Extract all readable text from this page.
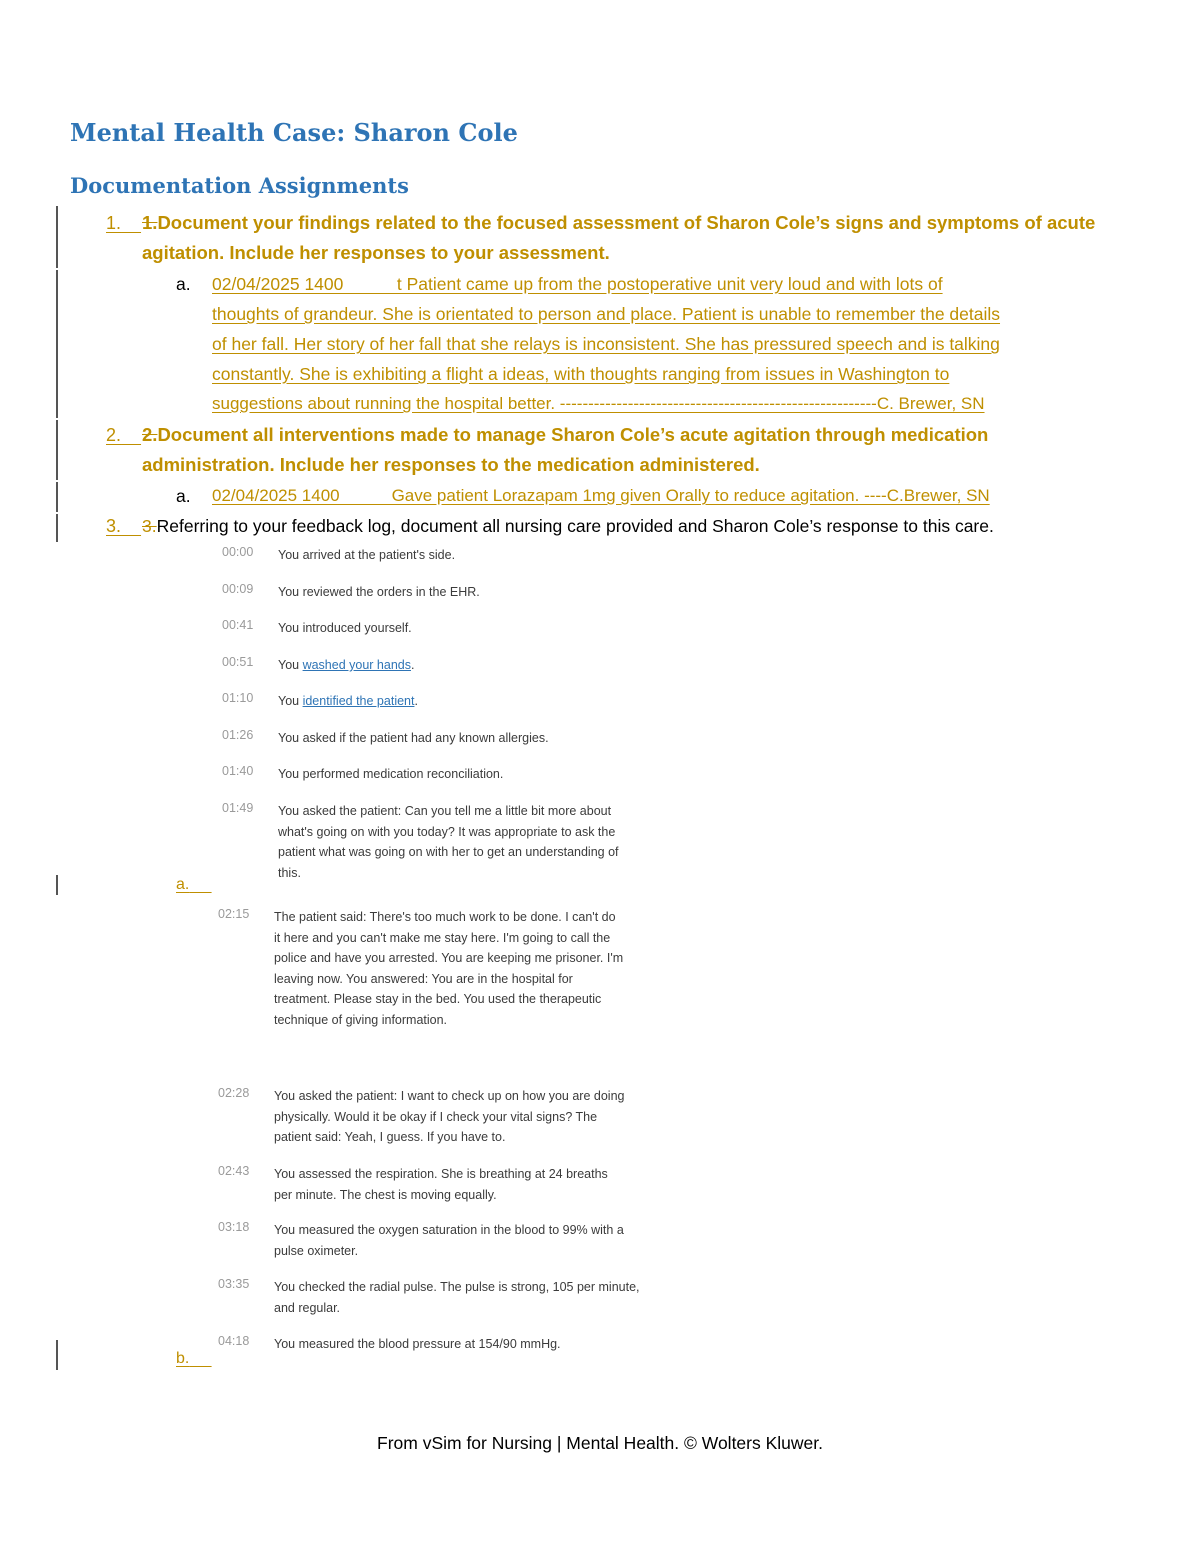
Mental Health Case: Sharon Cole
Documentation Assignments
1.	1.Document your findings related to the focused assessment of Sharon Cole’s signs and symptoms of acute
agitation. Include her responses to your assessment.
a. 02/04/2025 1400           t Patient came up from the postoperative unit very loud and with lots of
thoughts of grandeur. She is orientated to person and place. Patient is unable to remember the details
of her fall. Her story of her fall that she relays is inconsistent. She has pressured speech and is talking
constantly. She is exhibiting a flight a ideas, with thoughts ranging from issues in Washington to
suggestions about running the hospital better. --------------------------------------------------------C. Brewer, SN
2.	2.Document all interventions made to manage Sharon Cole’s acute agitation through medication
administration. Include her responses to the medication administered.
a. 02/04/2025 1400           Gave patient Lorazapam 1mg given Orally to reduce agitation. ----C.Brewer, SN
3.	3.Referring to your feedback log, document all nursing care provided and Sharon Cole’s response to this care.
00:00 You arrived at the patient's side.
00:09 You reviewed the orders in the EHR.
00:41 You introduced yourself.
00:51 You washed your hands.
01:10 You identified the patient.
01:26 You asked if the patient had any known allergies.
01:40 You performed medication reconciliation.
01:49 You asked the patient: Can you tell me a little bit more about what's going on with you today? It was appropriate to ask the patient what was going on with her to get an understanding of this.
a.
02:15 The patient said: There's too much work to be done. I can't do it here and you can't make me stay here. I'm going to call the police and have you arrested. You are keeping me prisoner. I'm leaving now. You answered: You are in the hospital for treatment. Please stay in the bed. You used the therapeutic technique of giving information.
02:28 You asked the patient: I want to check up on how you are doing physically. Would it be okay if I check your vital signs? The patient said: Yeah, I guess. If you have to.
02:43 You assessed the respiration. She is breathing at 24 breaths per minute. The chest is moving equally.
03:18 You measured the oxygen saturation in the blood to 99% with a pulse oximeter.
03:35 You checked the radial pulse. The pulse is strong, 105 per minute, and regular.
04:18 You measured the blood pressure at 154/90 mmHg.
b.
From vSim for Nursing | Mental Health. © Wolters Kluwer.
